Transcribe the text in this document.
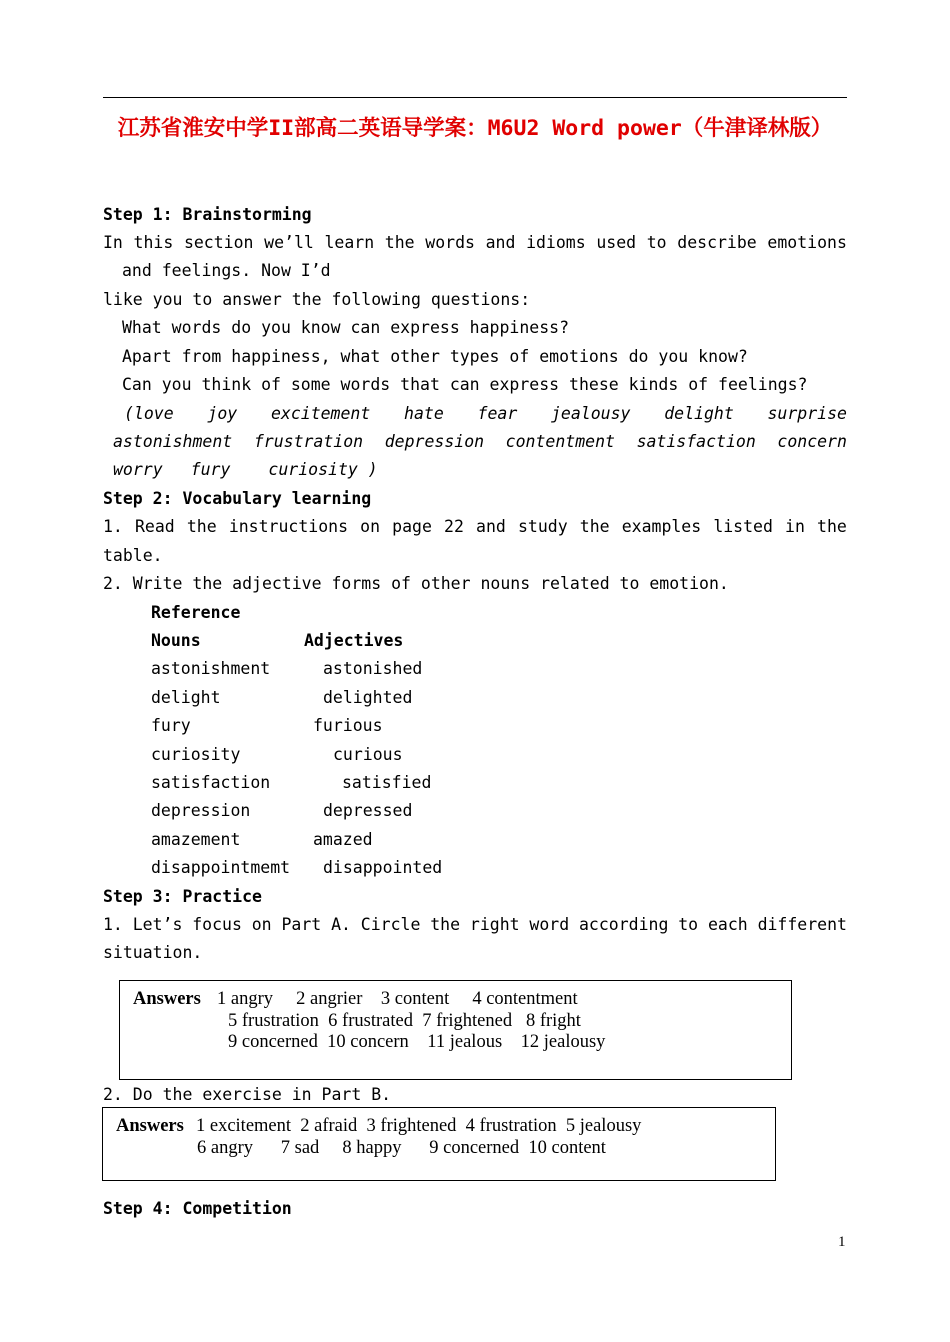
江苏省淮安中学II部高二英语导学案：M6U2 Word power（牛津译林版）
Step 1: Brainstorming
In this section we’ll learn the words and idioms used to describe emotions
and feelings. Now I’d
like you to answer the following questions:
What words do you know can express happiness?
Apart from happiness, what other types of emotions do you know?
Can you think of some words that can express these kinds of feelings?
(love joy excitement hate fear jealousy delight surprise
astonishment frustration depression contentment satisfaction concern
worry fury curiosity )
Step 2: Vocabulary learning
1. Read the instructions on page 22 and study the examples listed in the
table.
2. Write the adjective forms of other nouns related to emotion.
Reference
Nouns	Adjectives
astonishment	astonished
delight	delighted
fury	furious
curiosity	curious
satisfaction	satisfied
depression	depressed
amazement	amazed
disappointmemt disappointed
Step 3: Practice
1. Let’s focus on Part A. Circle the right word according to each different
situation.
Answers 1 angry     2 angrier    3 content     4 contentment
5 frustration  6 frustrated  7 frightened   8 fright
9 concerned  10 concern    11 jealous    12 jealousy
2. Do the exercise in Part B.
Answers 1 excitement  2 afraid  3 frightened  4 frustration  5 jealousy
6 angry      7 sad     8 happy      9 concerned  10 content
Step 4: Competition
1
